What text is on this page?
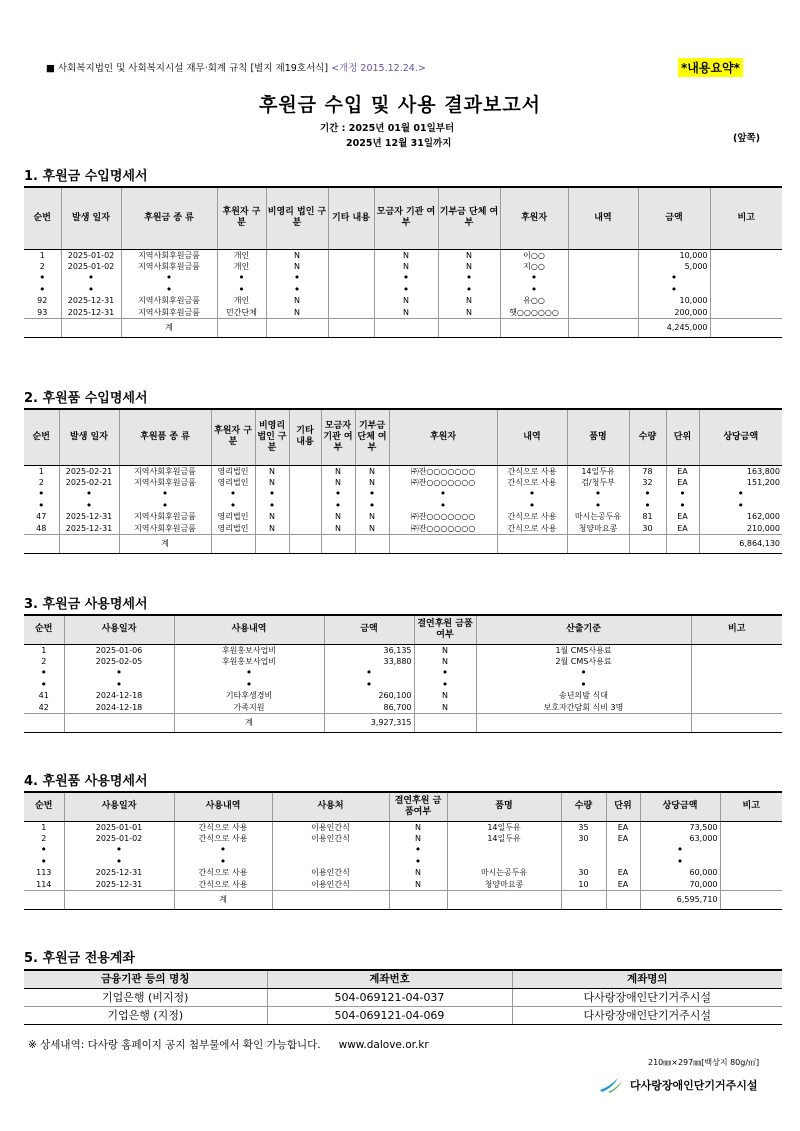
■ 사회복지법인 및 사회복지시설 재무·회계 규칙 [별지 제19호서식] <개정 2015.12.24.>	*내용요약*
후원금 수입 및 사용 결과보고서
기간 : 2025년 01월 01일부터
2025년 12월 31일까지	(앞쪽)
1. 후원금 수입명세서
순번	발생 일자	후원금 종 류	후원자 구 분	비영리 법인 구분	기타 내용	모금자 기관 여부	기부금 단체 여부	후원자	내역	금액	비고
1	2025-01-02	지역사회후원금품	개인	N		N	N	이○○		10,000	
2	2025-01-02	지역사회후원금품	개인	N		N	N	지○○		5,000	
•	•	•	•	•		•	•	•		•	
•	•	•	•	•		•	•	•		•	
92	2025-12-31	지역사회후원금품	개인	N		N	N	유○○		10,000	
93	2025-12-31	지역사회후원금품	민간단체	N		N	N	햇○○○○○○		200,000	
		계								4,245,000	
2. 후원품 수입명세서
순번	발생 일자	후원품 종 류	후원자 구 분	비영리 법인 구분	기타 내용	모금자 기관 여부	기부금 단체 여부	후원자	내역	품명	수량	단위	상당금액
1	2025-02-21	지역사회후원금품	영리법인	N		N	N	㈜잔○○○○○○○	간식으로 사용	14일두유	78	EA	163,800
2	2025-02-21	지역사회후원금품	영리법인	N		N	N	㈜잔○○○○○○○	간식으로 사용	검/청두부	32	EA	151,200
•	•	•	•	•		•	•	•	•	•	•	•	•
•	•	•	•	•		•	•	•	•	•	•	•	•
47	2025-12-31	지역사회후원금품	영리법인	N		N	N	㈜잔○○○○○○○	간식으로 사용	마시는공두유	81	EA	162,000
48	2025-12-31	지역사회후원금품	영리법인	N		N	N	㈜잔○○○○○○○	간식으로 사용	청양마요콩	30	EA	210,000
		계											6,864,130
3. 후원금 사용명세서
순번	사용일자	사용내역	금액	결연후원 금품 여부	산출기준	비고
1	2025-01-06	후원홍보사업비	36,135	N	1월 CMS사용료	
2	2025-02-05	후원홍보사업비	33,880	N	2월 CMS사용료	
•	•	•	•	•	•	
•	•	•	•	•	•	
41	2024-12-18	기타후생경비	260,100	N	송년의밤 식대	
42	2024-12-18	가족지원	86,700	N	보호자간담회 식비 3명	
		계	3,927,315			
4. 후원품 사용명세서
순번	사용일자	사용내역	사용처	결연후원 금품여부	품명	수량	단위	상당금액	비고
1	2025-01-01	간식으로 사용	이용인간식	N	14일두유	35	EA	73,500	
2	2025-01-02	간식으로 사용	이용인간식	N	14일두유	30	EA	63,000	
•	•	•		•				•	
•	•	•		•				•	
113	2025-12-31	간식으로 사용	이용인간식	N	마시는공두유	30	EA	60,000	
114	2025-12-31	간식으로 사용	이용인간식	N	청양마요콩	10	EA	70,000	
		계						6,595,710	
5. 후원금 전용계좌
금융기관 등의 명칭	계좌번호	계좌명의
기업은행 (비지정)	504-069121-04-037	다사랑장애인단기거주시설
기업은행 (지정)	504-069121-04-069	다사랑장애인단기거주시설
※ 상세내역: 다사랑 홈페이지 공지 첨부물에서 확인 가능합니다. www.dalove.or.kr
210㎜×297㎜[백상지 80g/㎡]
다사랑장애인단기거주시설
